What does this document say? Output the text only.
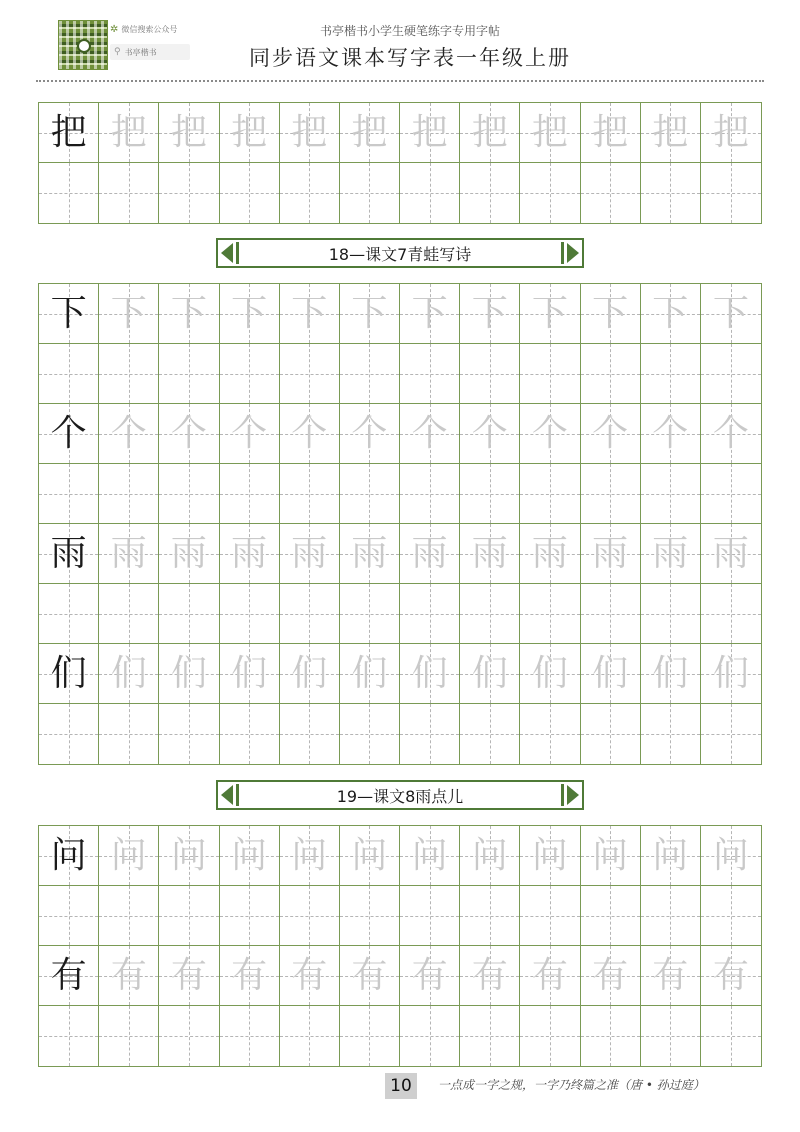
✲ 微信搜索公众号
⚲ 书亭楷书
书亭楷书小学生硬笔练字专用字帖
同步语文课本写字表一年级上册
把 把 把 把 把 把 把 把 把 把 把 把
18—课文7青蛙写诗
下 下 下 下 下 下 下 下 下 下 下 下
个 个 个 个 个 个 个 个 个 个 个 个
雨 雨 雨 雨 雨 雨 雨 雨 雨 雨 雨 雨
们 们 们 们 们 们 们 们 们 们 们 们
19—课文8雨点儿
问 问 问 问 问 问 问 问 问 问 问 问
有 有 有 有 有 有 有 有 有 有 有 有
10	一点成一字之规，一字乃终篇之准（唐 • 孙过庭）
